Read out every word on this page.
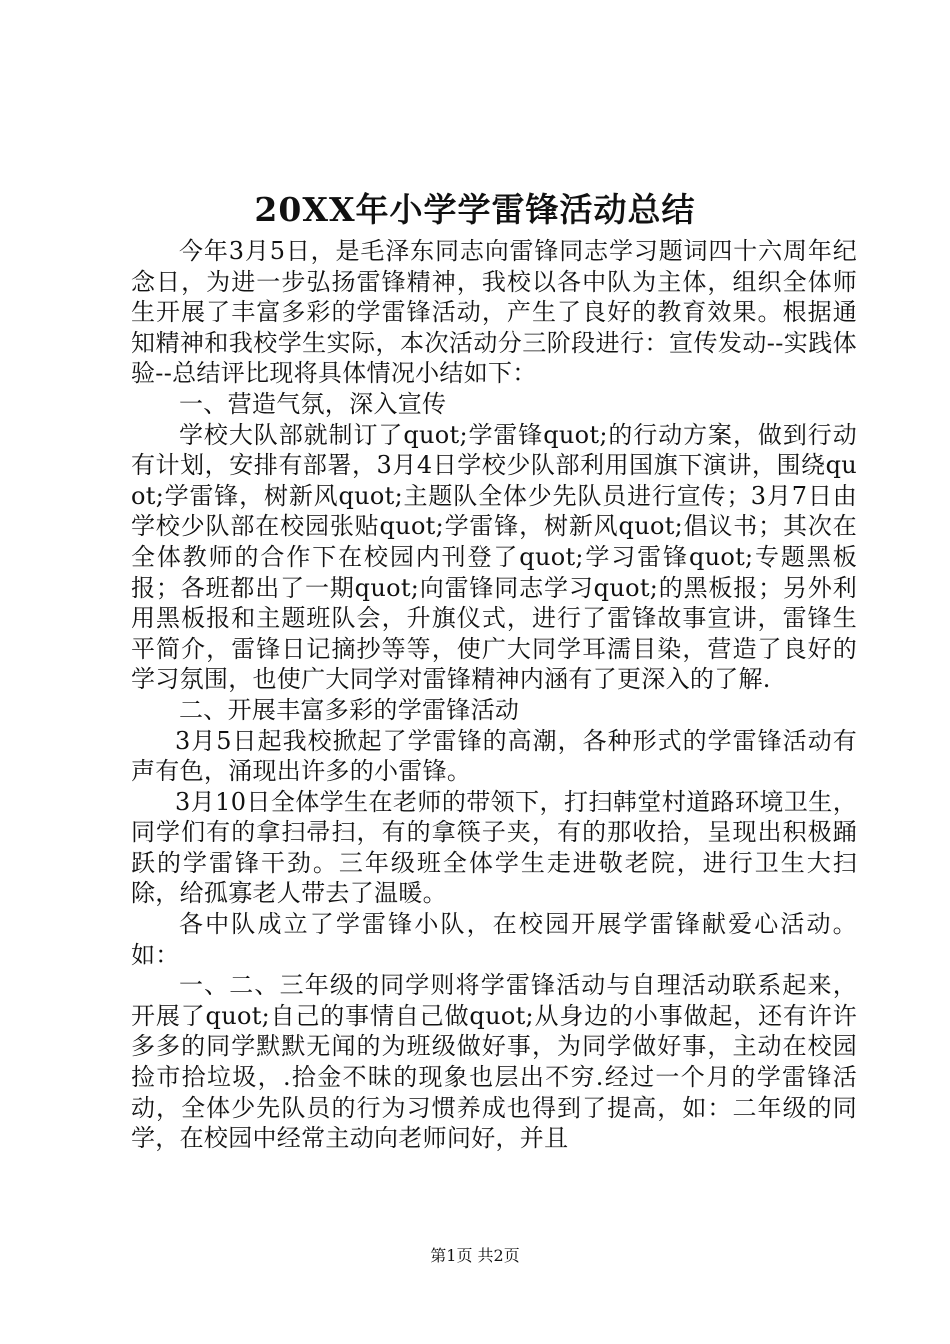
20XX年小学学雷锋活动总结

今年3月5日，是毛泽东同志向雷锋同志学习题词四十六周年纪念日，为进一步弘扬雷锋精神，我校以各中队为主体，组织全体师生开展了丰富多彩的学雷锋活动，产生了良好的教育效果。根据通知精神和我校学生实际，本次活动分三阶段进行：宣传发动--实践体验--总结评比现将具体情况小结如下：

一、营造气氛，深入宣传

学校大队部就制订了quot;学雷锋quot;的行动方案，做到行动有计划，安排有部署，3月4日学校少队部利用国旗下演讲，围绕quot;学雷锋，树新风quot;主题队全体少先队员进行宣传；3月7日由学校少队部在校园张贴quot;学雷锋，树新风quot;倡议书；其次在全体教师的合作下在校园内刊登了quot;学习雷锋quot;专题黑板报；各班都出了一期quot;向雷锋同志学习quot;的黑板报；另外利用黑板报和主题班队会，升旗仪式，进行了雷锋故事宣讲，雷锋生平简介，雷锋日记摘抄等等，使广大同学耳濡目染，营造了良好的学习氛围，也使广大同学对雷锋精神内涵有了更深入的了解.

二、开展丰富多彩的学雷锋活动

3月5日起我校掀起了学雷锋的高潮，各种形式的学雷锋活动有声有色，涌现出许多的小雷锋。

3月10日全体学生在老师的带领下，打扫韩堂村道路环境卫生，同学们有的拿扫帚扫，有的拿筷子夹，有的那收拾，呈现出积极踊跃的学雷锋干劲。三年级班全体学生走进敬老院，进行卫生大扫除，给孤寡老人带去了温暖。

各中队成立了学雷锋小队，在校园开展学雷锋献爱心活动。如：

一、二、三年级的同学则将学雷锋活动与自理活动联系起来，开展了quot;自己的事情自己做quot;从身边的小事做起，还有许许多多的同学默默无闻的为班级做好事，为同学做好事，主动在校园捡市拾垃圾，.拾金不昧的现象也层出不穷.经过一个月的学雷锋活动，全体少先队员的行为习惯养成也得到了提高，如：二年级的同学，在校园中经常主动向老师问好，并且

第1页 共2页
